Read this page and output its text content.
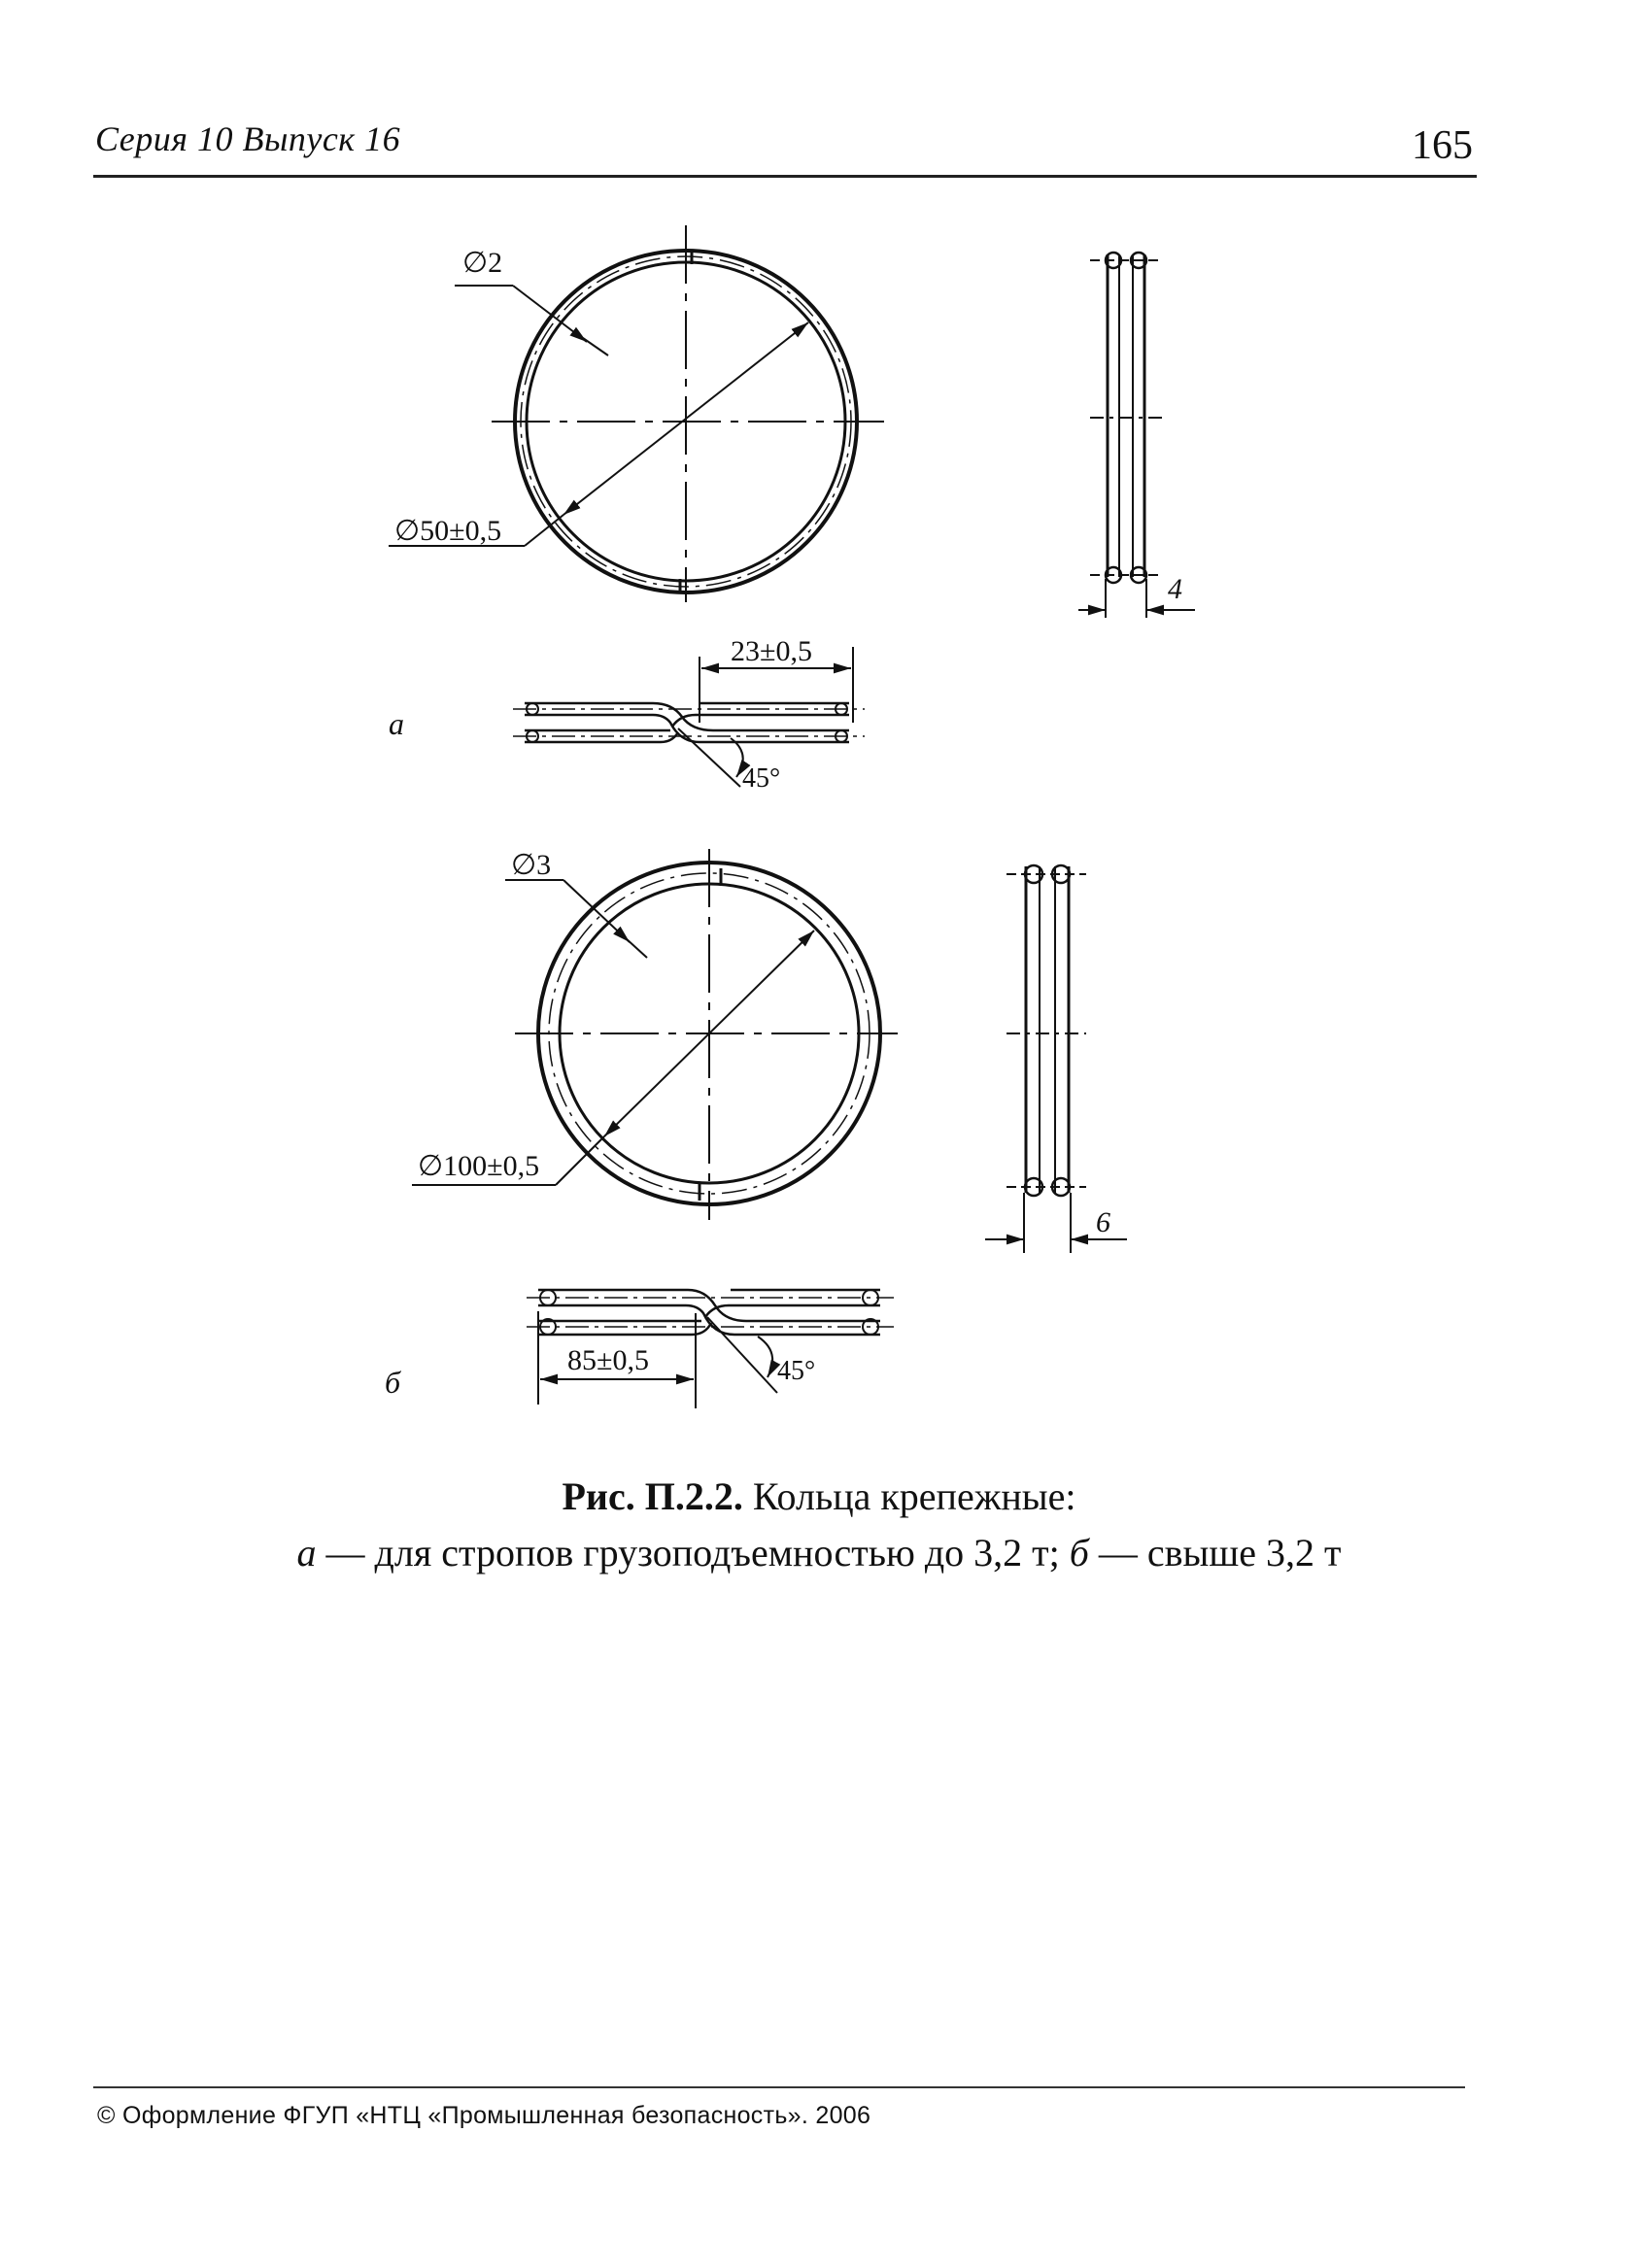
Серия 10 Выпуск 16	165
∅2
∅50±0,5
4
23±0,5
45°
а
∅3
∅100±0,5
6
85±0,5	45°
б
Рис. П.2.2. Кольца крепежные:
а — для стропов грузоподъемностью до 3,2 т; б — свыше 3,2 т
© Оформление ФГУП «НТЦ «Промышленная безопасность». 2006
